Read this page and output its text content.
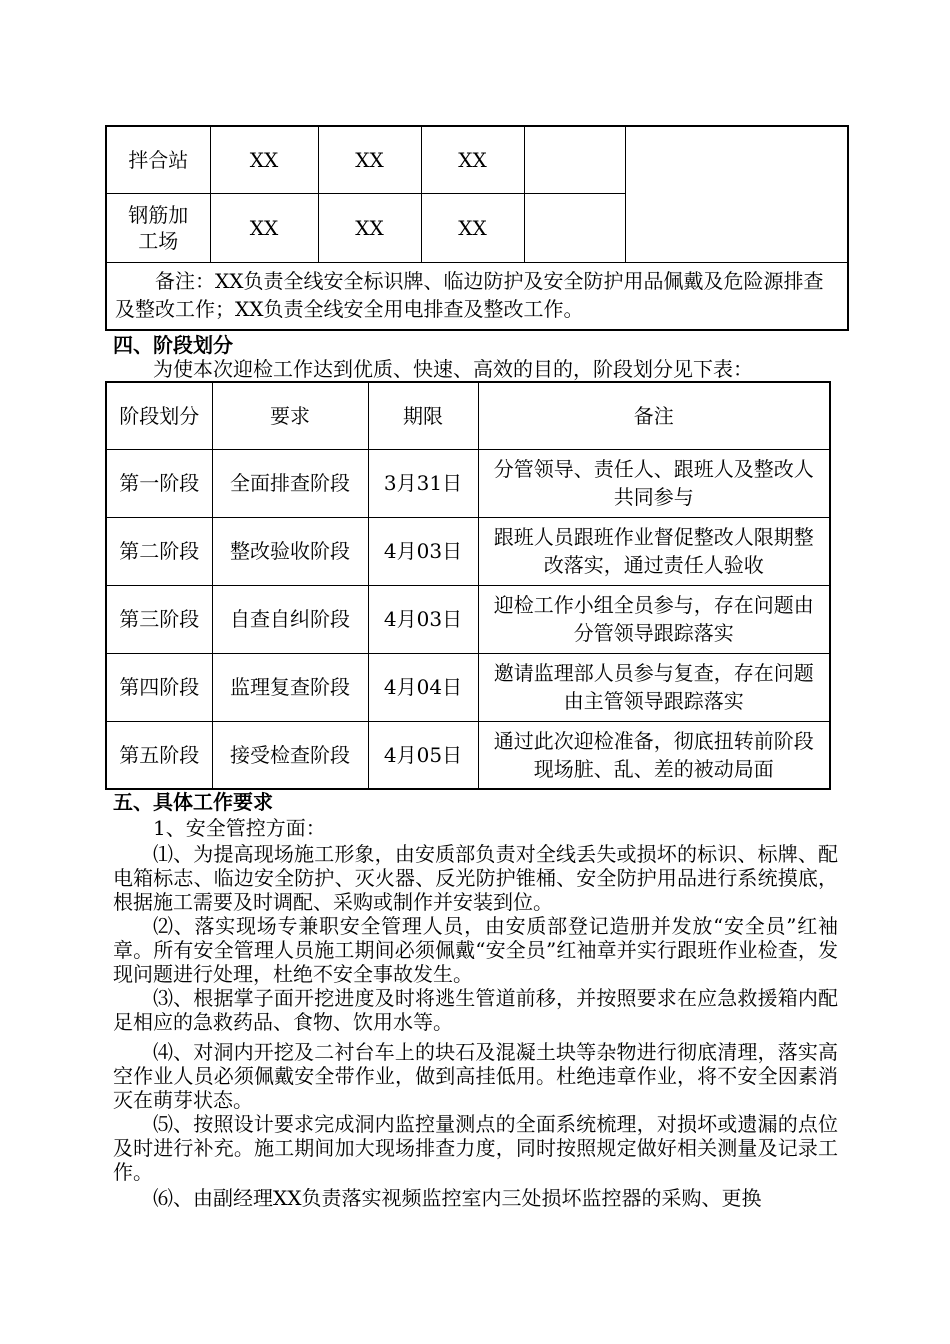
拌合站	XX	XX	XX		

钢筋加工场	XX	XX	XX		
备注：XX负责全线安全标识牌、临边防护及安全防护用品佩戴及危险源排查及整改工作；XX负责全线安全用电排查及整改工作。					
四、阶段划分
为使本次迎检工作达到优质、快速、高效的目的，阶段划分见下表：
阶段划分	要求	期限	备注
第一阶段	全面排查阶段	3月31日	分管领导、责任人、跟班人及整改人共同参与
第二阶段	整改验收阶段	4月03日	跟班人员跟班作业督促整改人限期整改落实，通过责任人验收
第三阶段	自查自纠阶段	4月03日	迎检工作小组全员参与，存在问题由分管领导跟踪落实
第四阶段	监理复查阶段	4月04日	邀请监理部人员参与复查，存在问题由主管领导跟踪落实
第五阶段	接受检查阶段	4月05日	通过此次迎检准备，彻底扭转前阶段现场脏、乱、差的被动局面
五、具体工作要求
1、安全管控方面：
⑴、为提高现场施工形象，由安质部负责对全线丢失或损坏的标识、标牌、配电箱标志、临边安全防护、灭火器、反光防护锥桶、安全防护用品进行系统摸底，根据施工需要及时调配、采购或制作并安装到位。
⑵、落实现场专兼职安全管理人员，由安质部登记造册并发放“安全员”红袖章。所有安全管理人员施工期间必须佩戴“安全员”红袖章并实行跟班作业检查，发现问题进行处理，杜绝不安全事故发生。
⑶、根据掌子面开挖进度及时将逃生管道前移，并按照要求在应急救援箱内配足相应的急救药品、食物、饮用水等。
⑷、对洞内开挖及二衬台车上的块石及混凝土块等杂物进行彻底清理，落实高空作业人员必须佩戴安全带作业，做到高挂低用。杜绝违章作业，将不安全因素消灭在萌芽状态。
⑸、按照设计要求完成洞内监控量测点的全面系统梳理，对损坏或遗漏的点位及时进行补充。施工期间加大现场排查力度，同时按照规定做好相关测量及记录工作。
⑹、由副经理XX负责落实视频监控室内三处损坏监控器的采购、更换
